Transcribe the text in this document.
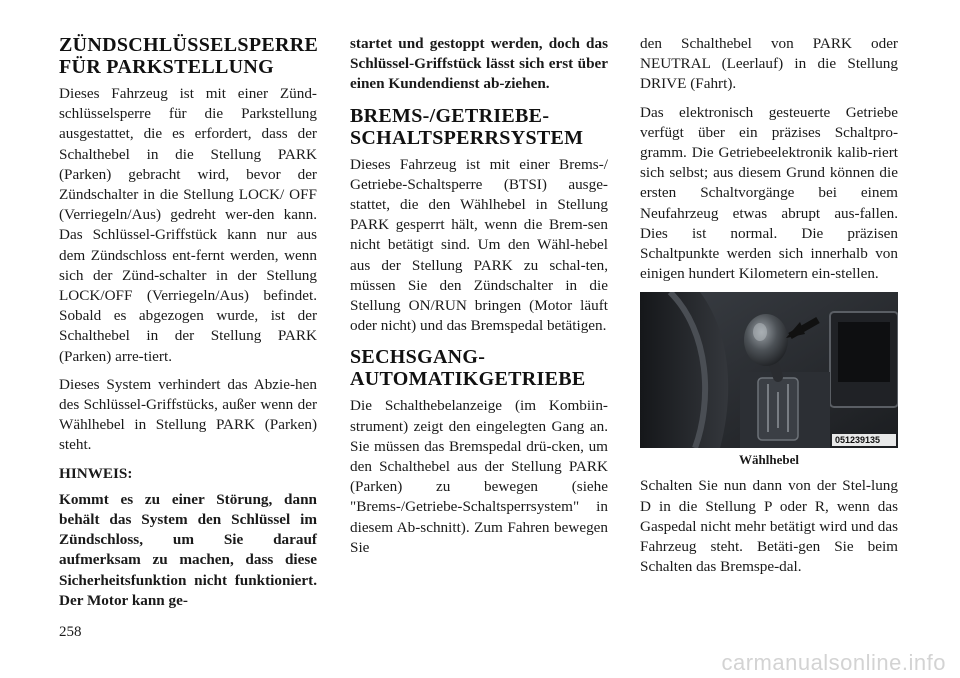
ZÜNDSCHLÜSSELSPERRE FÜR PARKSTELLUNG

Dieses Fahrzeug ist mit einer Zünd-schlüsselsperre für die Parkstellung ausgestattet, die es erfordert, dass der Schalthebel in die Stellung PARK (Parken) gebracht wird, bevor der Zündschalter in die Stellung LOCK/ OFF (Verriegeln/Aus) gedreht wer-den kann. Das Schlüssel-Griffstück kann nur aus dem Zündschloss ent-fernt werden, wenn sich der Zünd-schalter in der Stellung LOCK/OFF (Verriegeln/Aus) befindet. Sobald es abgezogen wurde, ist der Schalthebel in der Stellung PARK (Parken) arre-tiert.

Dieses System verhindert das Abzie-hen des Schlüssel-Griffstücks, außer wenn der Wählhebel in Stellung PARK (Parken) steht.

HINWEIS:

Kommt es zu einer Störung, dann behält das System den Schlüssel im Zündschloss, um Sie darauf aufmerksam zu machen, dass diese Sicherheitsfunktion nicht funktioniert. Der Motor kann ge-

startet und gestoppt werden, doch das Schlüssel-Griffstück lässt sich erst über einen Kundendienst ab-ziehen.

BREMS-/GETRIEBE-SCHALTSPERRSYSTEM

Dieses Fahrzeug ist mit einer Brems-/ Getriebe-Schaltsperre (BTSI) ausge-stattet, die den Wählhebel in Stellung PARK gesperrt hält, wenn die Brem-sen nicht betätigt sind. Um den Wähl-hebel aus der Stellung PARK zu schal-ten, müssen Sie den Zündschalter in die Stellung ON/RUN bringen (Motor läuft oder nicht) und das Bremspedal betätigen.

SECHSGANG-AUTOMATIKGETRIEBE

Die Schalthebelanzeige (im Kombiin-strument) zeigt den eingelegten Gang an. Sie müssen das Bremspedal drü-cken, um den Schalthebel aus der Stellung PARK (Parken) zu bewegen (siehe "Brems-/Getriebe-Schaltsperrsystem" in diesem Ab-schnitt). Zum Fahren bewegen Sie

den Schalthebel von PARK oder NEUTRAL (Leerlauf) in die Stellung DRIVE (Fahrt).

Das elektronisch gesteuerte Getriebe verfügt über ein präzises Schaltpro-gramm. Die Getriebeelektronik kalib-riert sich selbst; aus diesem Grund können die ersten Schaltvorgänge bei einem Neufahrzeug etwas abrupt aus-fallen. Dies ist normal. Die präzisen Schaltpunkte werden sich innerhalb von einigen hundert Kilometern ein-stellen.

051239135
Wählhebel

Schalten Sie nun dann von der Stel-lung D in die Stellung P oder R, wenn das Gaspedal nicht mehr betätigt wird und das Fahrzeug steht. Betäti-gen Sie beim Schalten das Bremspe-dal.

258
carmanualsonline.info
